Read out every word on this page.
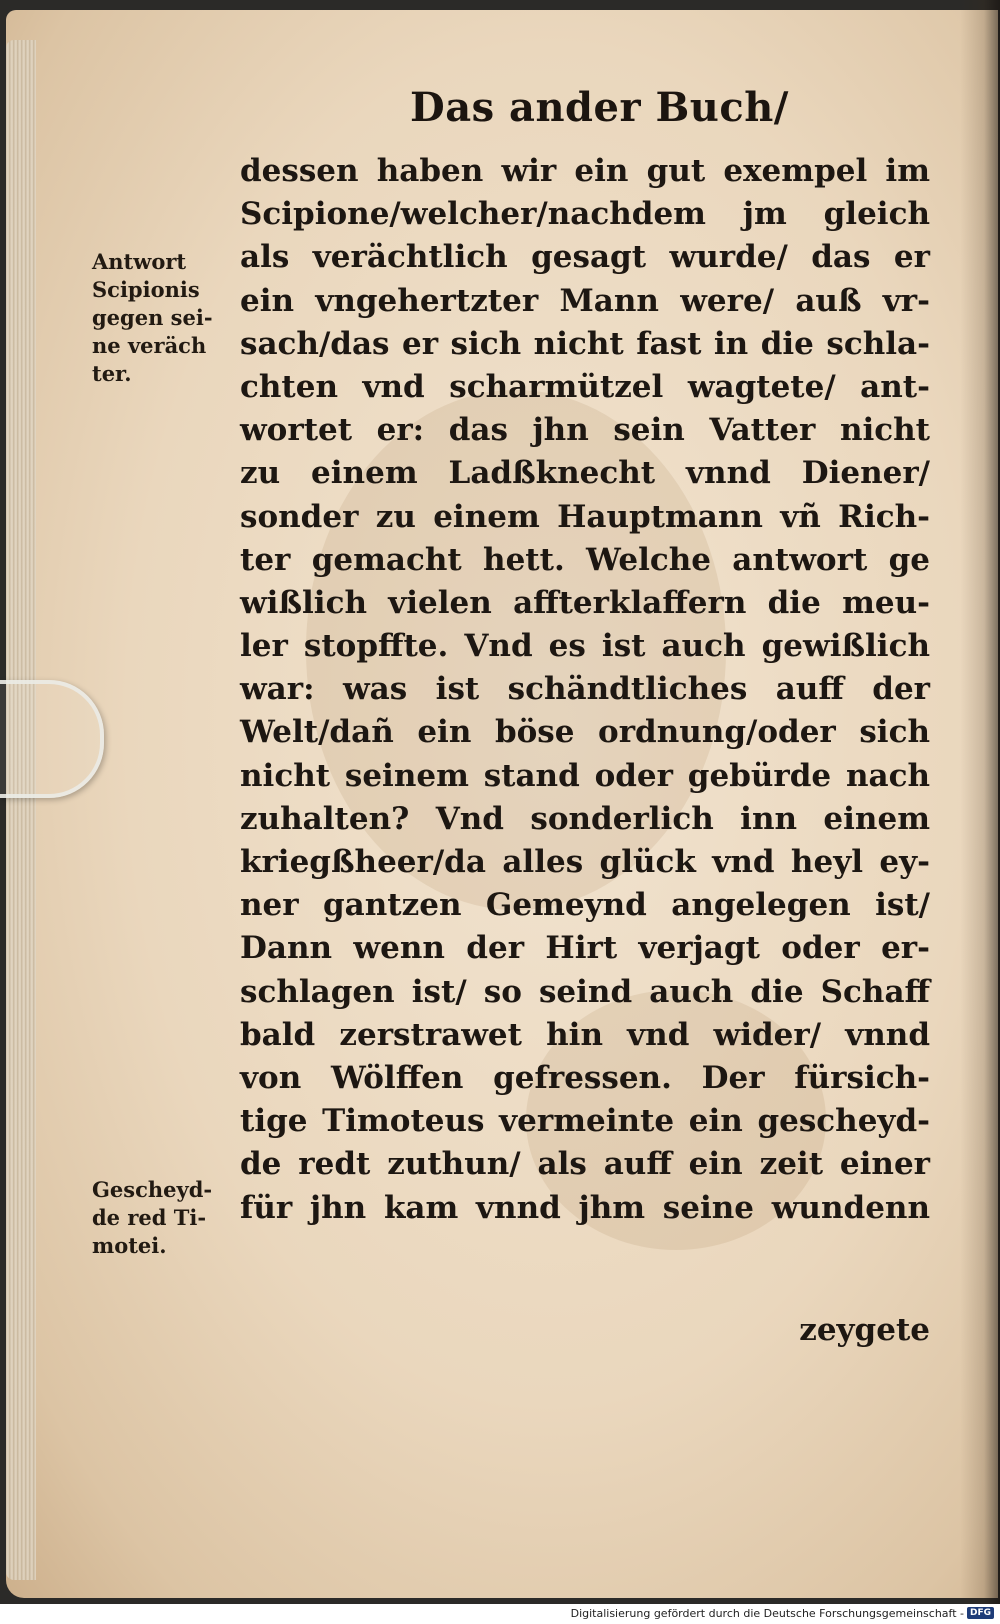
Das ander Buch/
dessen haben wir ein gut exempel im
Scipione/welcher/nachdem jm gleich
als verächtlich gesagt wurde/ das er
ein vngehertzter Mann were/ auß vr-
sach/das er sich nicht fast in die schla-
chten vnd scharmützel wagtete/ ant-
wortet er: das jhn sein Vatter nicht
zu einem Ladßknecht vnnd Diener/
sonder zu einem Hauptmann vñ Rich-
ter gemacht hett. Welche antwort ge
wißlich vielen affterklaffern die meu-
ler stopffte. Vnd es ist auch gewißlich
war: was ist schändtliches auff der
Welt/dañ ein böse ordnung/oder sich
nicht seinem stand oder gebürde nach
zuhalten? Vnd sonderlich inn einem
kriegßheer/da alles glück vnd heyl ey-
ner gantzen Gemeynd angelegen ist/
Dann wenn der Hirt verjagt oder er-
schlagen ist/ so seind auch die Schaff
bald zerstrawet hin vnd wider/ vnnd
von Wölffen gefressen. Der fürsich-
tige Timoteus vermeinte ein gescheyd-
de redt zuthun/ als auff ein zeit einer
für jhn kam vnnd jhm seine wundenn
zeygete
Antwort
Scipionis
gegen sei-
ne veräch
ter.
Gescheyd-
de red Ti-
motei.
Digitalisierung gefördert durch die Deutsche Forschungsgemeinschaft - DFG
